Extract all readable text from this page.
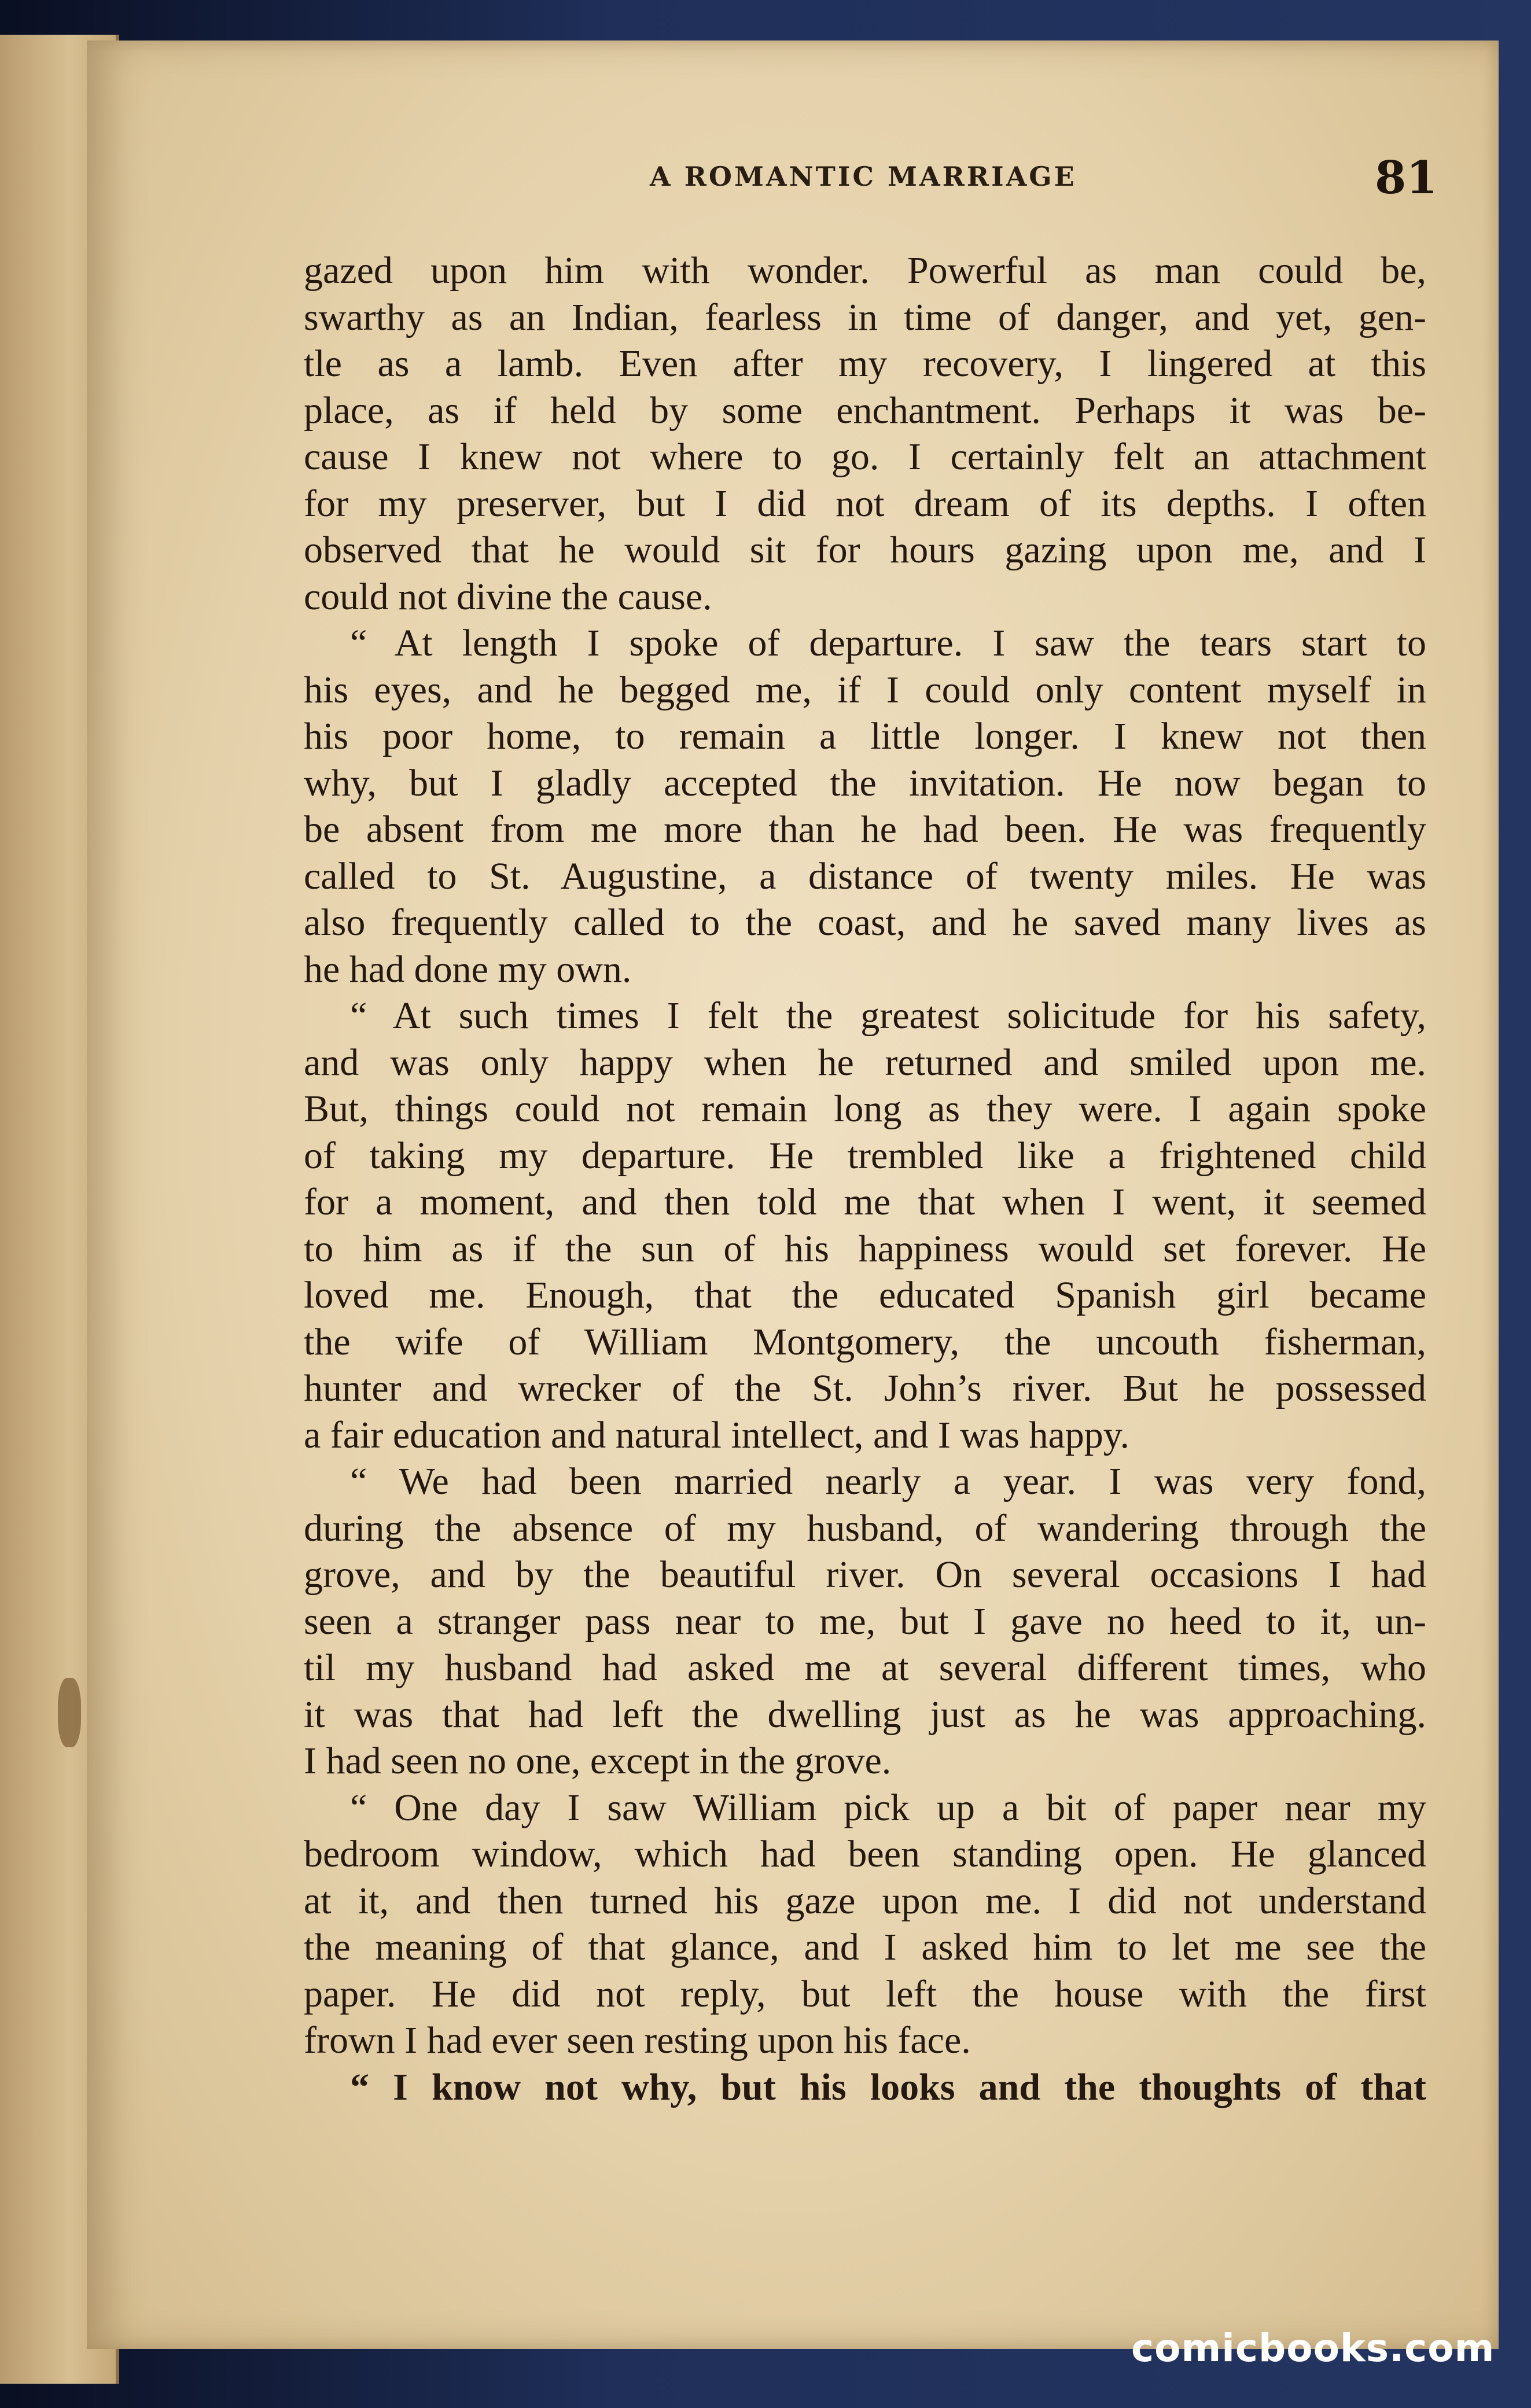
A ROMANTIC MARRIAGE	81
gazed upon him with wonder. Powerful as man could be,
swarthy as an Indian, fearless in time of danger, and yet, gen-
tle as a lamb. Even after my recovery, I lingered at this
place, as if held by some enchantment. Perhaps it was be-
cause I knew not where to go. I certainly felt an attachment
for my preserver, but I did not dream of its depths. I often
observed that he would sit for hours gazing upon me, and I
could not divine the cause.
“ At length I spoke of departure. I saw the tears start to
his eyes, and he begged me, if I could only content myself in
his poor home, to remain a little longer. I knew not then
why, but I gladly accepted the invitation. He now began to
be absent from me more than he had been. He was frequently
called to St. Augustine, a distance of twenty miles. He was
also frequently called to the coast, and he saved many lives as
he had done my own.
“ At such times I felt the greatest solicitude for his safety,
and was only happy when he returned and smiled upon me.
But, things could not remain long as they were. I again spoke
of taking my departure. He trembled like a frightened child
for a moment, and then told me that when I went, it seemed
to him as if the sun of his happiness would set forever. He
loved me. Enough, that the educated Spanish girl became
the wife of William Montgomery, the uncouth fisherman,
hunter and wrecker of the St. John’s river. But he possessed
a fair education and natural intellect, and I was happy.
“ We had been married nearly a year. I was very fond,
during the absence of my husband, of wandering through the
grove, and by the beautiful river. On several occasions I had
seen a stranger pass near to me, but I gave no heed to it, un-
til my husband had asked me at several different times, who
it was that had left the dwelling just as he was approaching.
I had seen no one, except in the grove.
“ One day I saw William pick up a bit of paper near my
bedroom window, which had been standing open. He glanced
at it, and then turned his gaze upon me. I did not understand
the meaning of that glance, and I asked him to let me see the
paper. He did not reply, but left the house with the first
frown I had ever seen resting upon his face.
“ I know not why, but his looks and the thoughts of that
comicbooks.com
